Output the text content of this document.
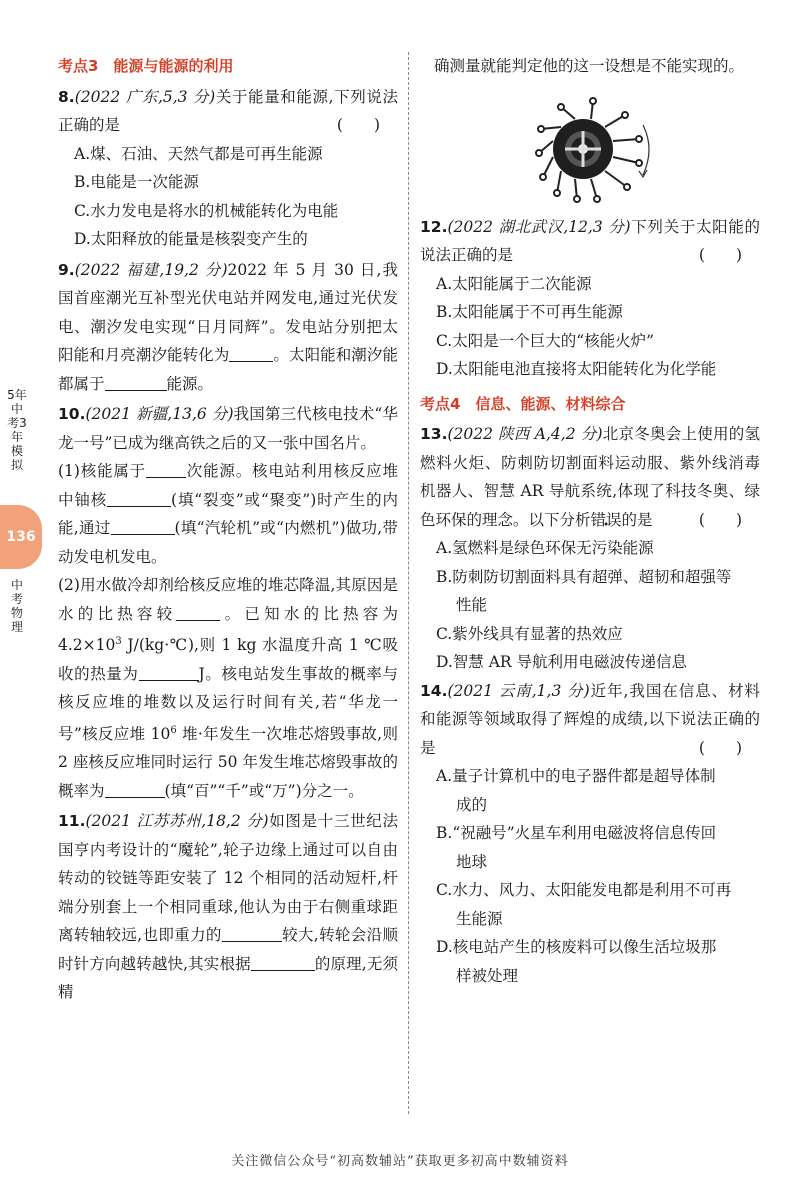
5年中考3年模拟
136
中考物理

考点3　能源与能源的利用

8.(2022 广东,5,3 分)关于能量和能源,下列说法正确的是	(　　)

A.煤、石油、天然气都是可再生能源

B.电能是一次能源

C.水力发电是将水的机械能转化为电能

D.太阳释放的能量是核裂变产生的

9.(2022 福建,19,2 分)2022 年 5 月 30 日,我国首座潮光互补型光伏电站并网发电,通过光伏发电、潮汐发电实现“日月同辉”。发电站分别把太阳能和月亮潮汐能转化为	。太阳能和潮汐能都属于	能源。

10.(2021 新疆,13,6 分)我国第三代核电技术“华龙一号”已成为继高铁之后的又一张中国名片。

(1)核能属于	次能源。核电站利用核反应堆中铀核	(填“裂变”或“聚变”)时产生的内能,通过	(填“汽轮机”或“内燃机”)做功,带动发电机发电。

(2)用水做冷却剂给核反应堆的堆芯降温,其原因是水的比热容较	。已知水的比热容为 $4.2\times 10^3$ J/(kg·℃),则 1 kg 水温度升高 1 ℃吸收的热量为	J。核电站发生事故的概率与核反应堆的堆数以及运行时间有关,若“华龙一号”核反应堆 $10^6$ 堆·年发生一次堆芯熔毁事故,则 2 座核反应堆同时运行 50 年发生堆芯熔毁事故的概率为	(填“百”“千”或“万”)分之一。

11.(2021 江苏苏州,18,2 分)如图是十三世纪法国亨内考设计的“魔轮”,轮子边缘上通过可以自由转动的铰链等距安装了 12 个相同的活动短杆,杆端分别套上一个相同重球,他认为由于右侧重球距离转轴较远,也即重力的	较大,转轮会沿顺时针方向越转越快,其实根据	的原理,无须精

确测量就能判定他的这一设想是不能实现的。

12.(2022 湖北武汉,12,3 分)下列关于太阳能的说法正确的是	(　　)

A.太阳能属于二次能源

B.太阳能属于不可再生能源

C.太阳是一个巨大的“核能火炉”

D.太阳能电池直接将太阳能转化为化学能

考点4　信息、能源、材料综合

13.(2022 陕西 A,4,2 分)北京冬奥会上使用的氢燃料火炬、防刺防切割面料运动服、紫外线消毒机器人、智慧 AR 导航系统,体现了科技冬奥、绿色环保的理念。以下分析错误的是	(　　)

A.氢燃料是绿色环保无污染能源

B.防刺防切割面料具有超弹、超韧和超强等

性能

C.紫外线具有显著的热效应

D.智慧 AR 导航利用电磁波传递信息

14.(2021 云南,1,3 分)近年,我国在信息、材料和能源等领域取得了辉煌的成绩,以下说法正确的是	(　　)

A.量子计算机中的电子器件都是超导体制

成的

B.“祝融号”火星车利用电磁波将信息传回

地球

C.水力、风力、太阳能发电都是利用不可再

生能源

D.核电站产生的核废料可以像生活垃圾那

样被处理

关注微信公众号“初高数辅站”获取更多初高中数辅资料
